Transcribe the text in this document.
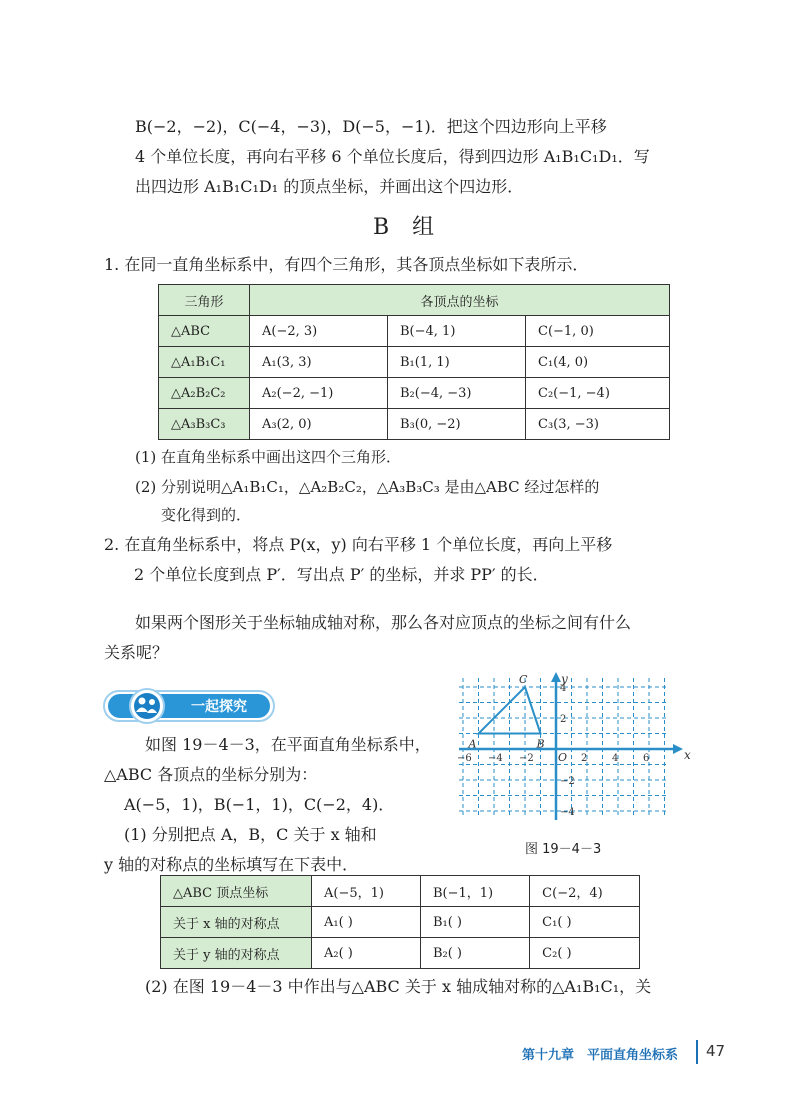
B(−2，−2)，C(−4，−3)，D(−5，−1)．把这个四边形向上平移
4 个单位长度，再向右平移 6 个单位长度后，得到四边形 A₁B₁C₁D₁．写
出四边形 A₁B₁C₁D₁ 的顶点坐标，并画出这个四边形．
B 组
1. 在同一直角坐标系中，有四个三角形，其各顶点坐标如下表所示．
三角形	各顶点的坐标		
△ABC	A(−2, 3)	B(−4, 1)	C(−1, 0)
△A₁B₁C₁	A₁(3, 3)	B₁(1, 1)	C₁(4, 0)
△A₂B₂C₂	A₂(−2, −1)	B₂(−4, −3)	C₂(−1, −4)
△A₃B₃C₃	A₃(2, 0)	B₃(0, −2)	C₃(3, −3)
(1) 在直角坐标系中画出这四个三角形．
(2) 分别说明△A₁B₁C₁，△A₂B₂C₂，△A₃B₃C₃ 是由△ABC 经过怎样的
变化得到的．
2. 在直角坐标系中，将点 P(x，y) 向右平移 1 个单位长度，再向上平移
2 个单位长度到点 P′．写出点 P′ 的坐标，并求 PP′ 的长．
如果两个图形关于坐标轴成轴对称，那么各对应顶点的坐标之间有什么
关系呢？
一起探究
如图 19－4－3，在平面直角坐标系中，
△ABC 各顶点的坐标分别为：
A(−5，1)，B(−1，1)，C(−2，4)．
(1) 分别把点 A，B，C 关于 x 轴和
y 轴的对称点的坐标填写在下表中．
−6 −4 −2	2 4 6
4
2
−2
−4
x
y
O
A	B
C
图 19－4－3
△ABC 顶点坐标	A(−5，1)	B(−1，1)	C(−2，4)
关于 x 轴的对称点	A₁( )	B₁( )	C₁( )
关于 y 轴的对称点	A₂( )	B₂( )	C₂( )
(2) 在图 19－4－3 中作出与△ABC 关于 x 轴成轴对称的△A₁B₁C₁，关
第十九章　平面直角坐标系 47
